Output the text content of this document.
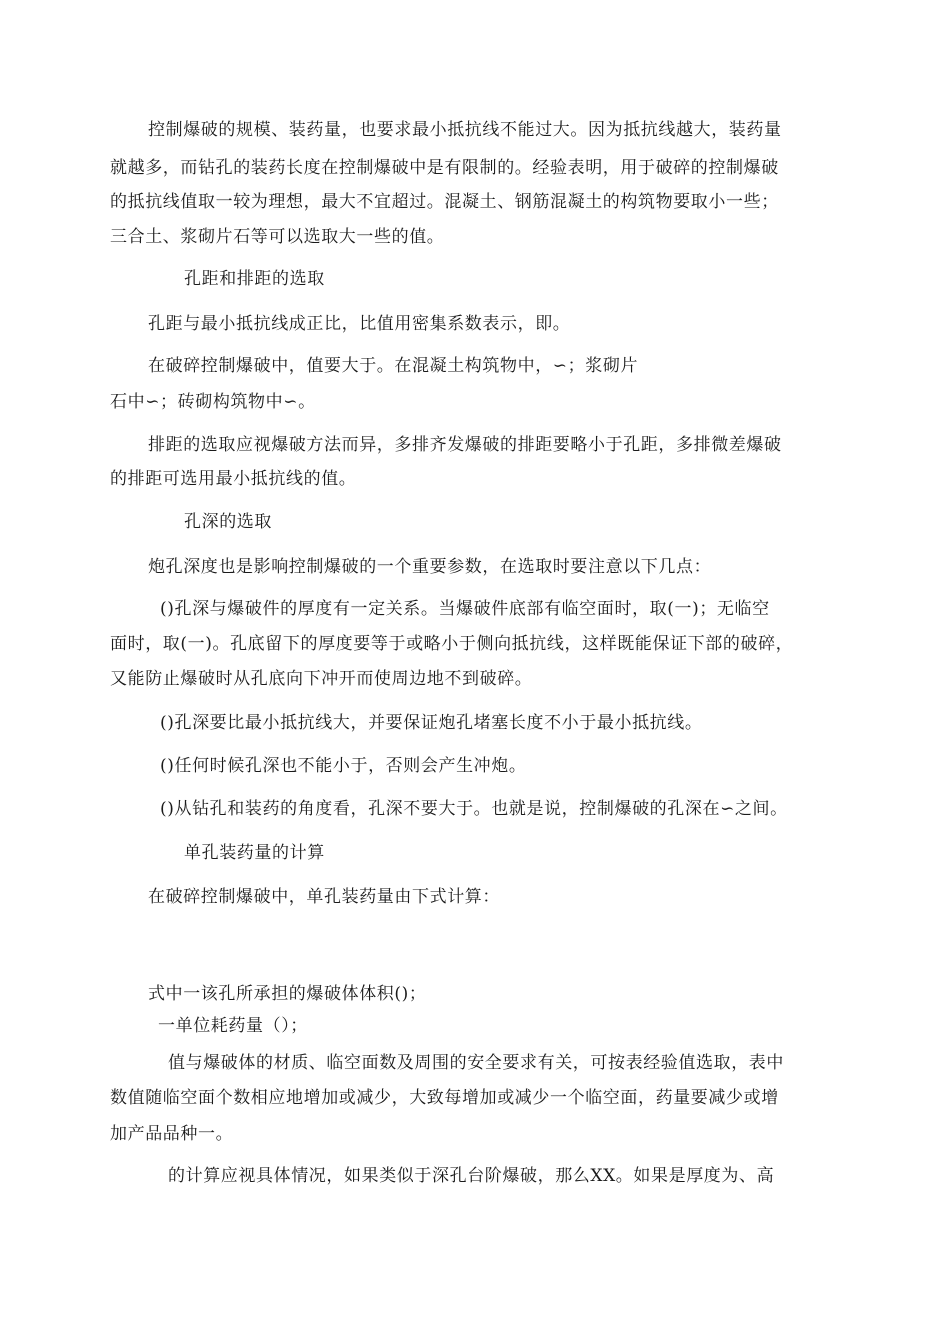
控制爆破的规模、装药量，也要求最小抵抗线不能过大。因为抵抗线越大，装药量

就越多，而钻孔的装药长度在控制爆破中是有限制的。经验表明，用于破碎的控制爆破

的抵抗线值取一较为理想，最大不宜超过。混凝土、钢筋混凝土的构筑物要取小一些；

三合土、浆砌片石等可以选取大一些的值。

孔距和排距的选取

孔距与最小抵抗线成正比，比值用密集系数表示，即。

在破碎控制爆破中，值要大于。在混凝土构筑物中，∽；浆砌片

石中∽；砖砌构筑物中∽。

排距的选取应视爆破方法而异，多排齐发爆破的排距要略小于孔距，多排微差爆破

的排距可选用最小抵抗线的值。

孔深的选取

炮孔深度也是影响控制爆破的一个重要参数，在选取时要注意以下几点：

()孔深与爆破件的厚度有一定关系。当爆破件底部有临空面时，取(一)；无临空

面时，取(一)。孔底留下的厚度要等于或略小于侧向抵抗线，这样既能保证下部的破碎，

又能防止爆破时从孔底向下冲开而使周边地不到破碎。

()孔深要比最小抵抗线大，并要保证炮孔堵塞长度不小于最小抵抗线。

()任何时候孔深也不能小于，否则会产生冲炮。

()从钻孔和装药的角度看，孔深不要大于。也就是说，控制爆破的孔深在∽之间。

单孔装药量的计算

在破碎控制爆破中，单孔装药量由下式计算：

式中一该孔所承担的爆破体体积()；

一单位耗药量（）；

值与爆破体的材质、临空面数及周围的安全要求有关，可按表经验值选取，表中

数值随临空面个数相应地增加或减少，大致每增加或减少一个临空面，药量要减少或增

加产品品种一。

的计算应视具体情况，如果类似于深孔台阶爆破，那么XX。如果是厚度为、高
